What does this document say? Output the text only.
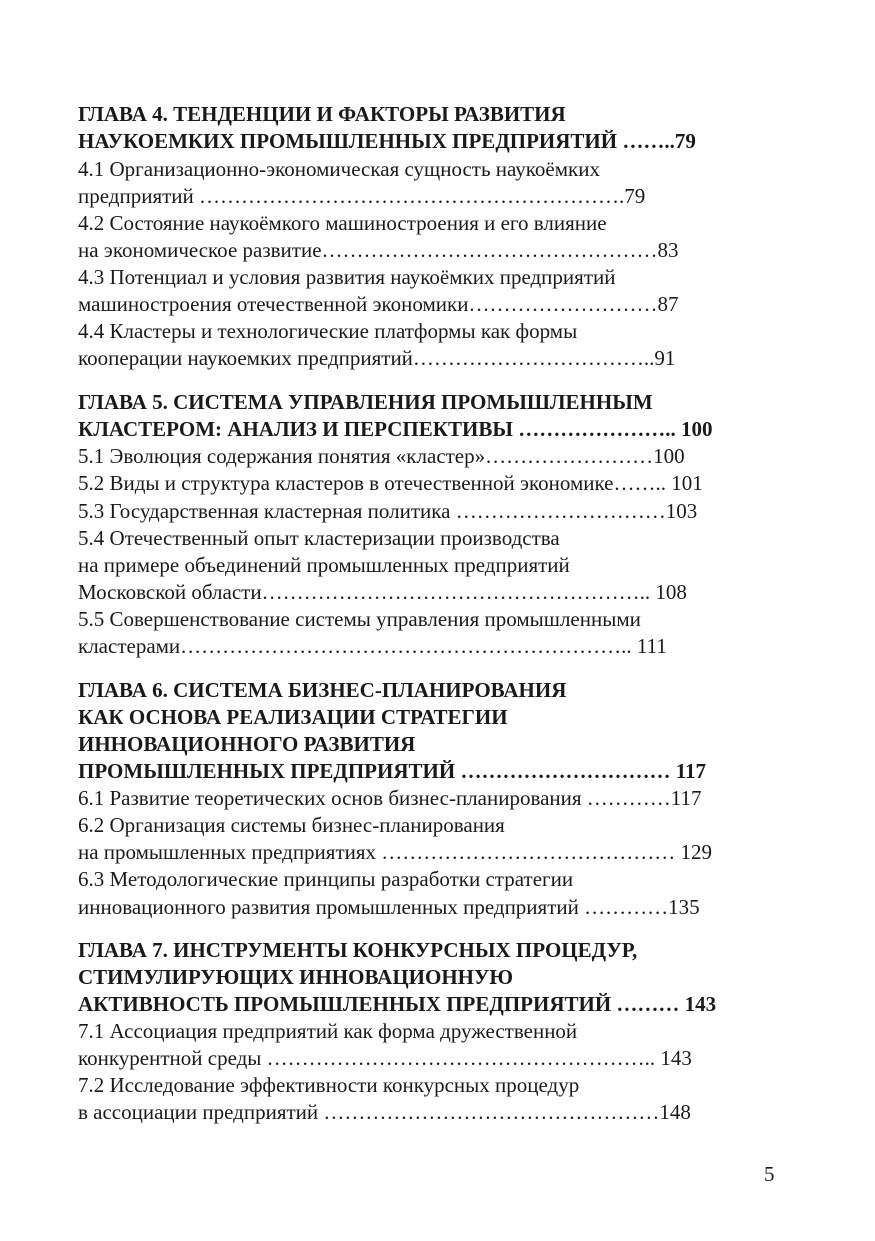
ГЛАВА 4. ТЕНДЕНЦИИ И ФАКТОРЫ РАЗВИТИЯ
НАУКОЕМКИХ ПРОМЫШЛЕННЫХ ПРЕДПРИЯТИЙ ……..79
4.1 Организационно-экономическая сущность наукоёмких
предприятий …………………………………………………….79
4.2 Состояние наукоёмкого машиностроения и его влияние
на экономическое развитие…………………………………………83
4.3 Потенциал и условия развития наукоёмких предприятий
машиностроения отечественной экономики………………………87
4.4 Кластеры и технологические платформы как формы
кооперации наукоемких предприятий……………………………..91
ГЛАВА 5. СИСТЕМА УПРАВЛЕНИЯ ПРОМЫШЛЕННЫМ
КЛАСТЕРОМ: АНАЛИЗ И ПЕРСПЕКТИВЫ ………………….. 100
5.1 Эволюция содержания понятия «кластер»……………………100
5.2 Виды и структура кластеров в отечественной экономике…….. 101
5.3 Государственная кластерная политика …………………………103
5.4 Отечественный опыт кластеризации производства
на примере объединений промышленных предприятий
Московской области……………………………………………….. 108
5.5 Совершенствование системы управления промышленными
кластерами……………………………………………………….. 111
ГЛАВА 6. СИСТЕМА БИЗНЕС-ПЛАНИРОВАНИЯ
КАК ОСНОВА РЕАЛИЗАЦИИ СТРАТЕГИИ
ИННОВАЦИОННОГО РАЗВИТИЯ
ПРОМЫШЛЕННЫХ ПРЕДПРИЯТИЙ ………………………… 117
6.1 Развитие теоретических основ бизнес-планирования …………117
6.2 Организация системы бизнес-планирования
на промышленных предприятиях …………………………………… 129
6.3 Методологические принципы разработки стратегии
инновационного развития промышленных предприятий …………135
ГЛАВА 7. ИНСТРУМЕНТЫ КОНКУРСНЫХ ПРОЦЕДУР,
СТИМУЛИРУЮЩИХ ИННОВАЦИОННУЮ
АКТИВНОСТЬ ПРОМЫШЛЕННЫХ ПРЕДПРИЯТИЙ ……… 143
7.1 Ассоциация предприятий как форма дружественной
конкурентной среды ……………………………………………….. 143
7.2 Исследование эффективности конкурсных процедур
в ассоциации предприятий …………………………………………148
5
